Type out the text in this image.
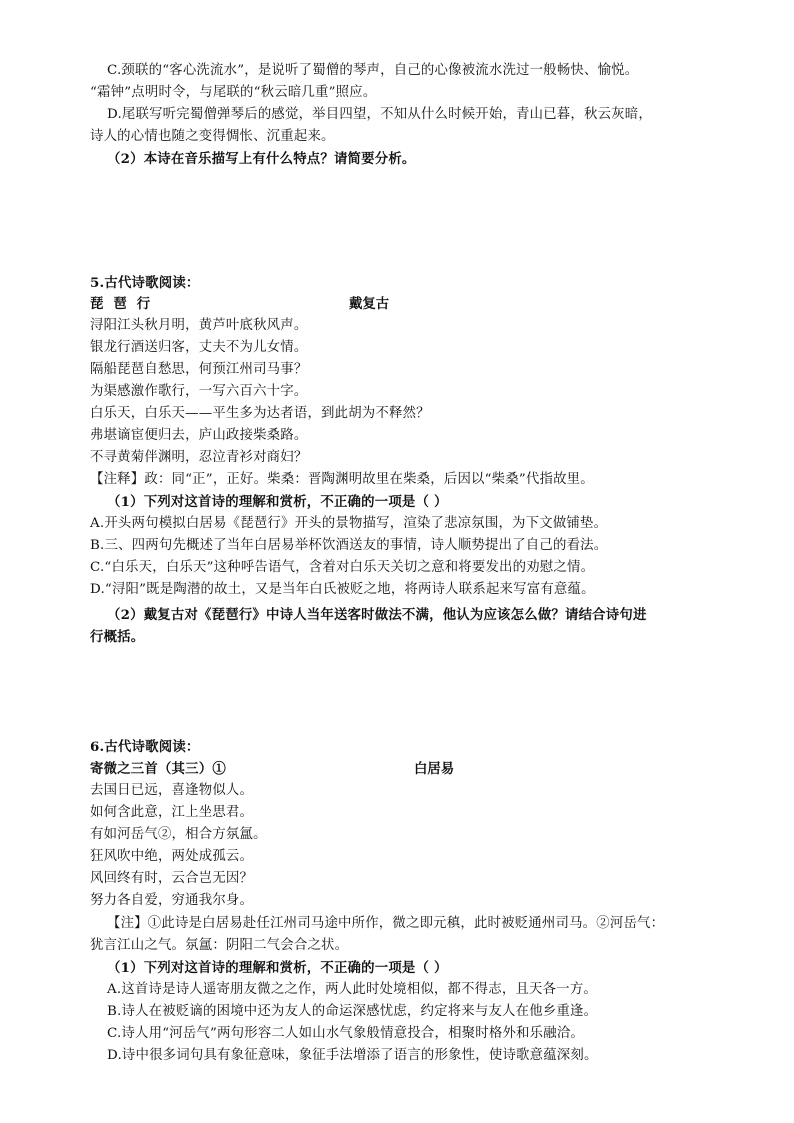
C.颈联的“客心洗流水”，是说听了蜀僧的琴声，自己的心像被流水洗过一般畅快、愉悦。
“霜钟”点明时令，与尾联的“秋云暗几重”照应。
D.尾联写听完蜀僧弹琴后的感觉，举目四望，不知从什么时候开始，青山已暮，秋云灰暗，
诗人的心情也随之变得惆怅、沉重起来。
（2）本诗在音乐描写上有什么特点？请简要分析。
5.古代诗歌阅读：
琵琶行	戴复古
浔阳江头秋月明，黄芦叶底秋风声。
银龙行酒送归客，丈夫不为儿女情。
隔船琵琶自愁思，何预江州司马事？
为渠感激作歌行，一写六百六十字。
白乐天，白乐天——平生多为达者语，到此胡为不释然？
弗堪谪宦便归去，庐山政接柴桑路。
不寻黄菊伴渊明，忍泣青衫对商妇？
【注释】政：同“正”，正好。柴桑：晋陶渊明故里在柴桑，后因以“柴桑”代指故里。
（1）下列对这首诗的理解和赏析，不正确的一项是（ ）
A.开头两句模拟白居易《琵琶行》开头的景物描写，渲染了悲凉氛围，为下文做铺垫。
B.三、四两句先概述了当年白居易举杯饮酒送友的事情，诗人顺势提出了自己的看法。
C.“白乐天，白乐天”这种呼告语气，含着对白乐天关切之意和将要发出的劝慰之情。
D.“浔阳”既是陶潜的故土，又是当年白氏被贬之地，将两诗人联系起来写富有意蕴。
（2）戴复古对《琵琶行》中诗人当年送客时做法不满，他认为应该怎么做？请结合诗句进
行概括。
6.古代诗歌阅读：
寄微之三首（其三）①	白居易
去国日已远，喜逢物似人。
如何含此意，江上坐思君。
有如河岳气②，相合方氛氲。
狂风吹中绝，两处成孤云。
风回终有时，云合岂无因？
努力各自爱，穷通我尔身。
【注】①此诗是白居易赴任江州司马途中所作，微之即元稹，此时被贬通州司马。②河岳气：
犹言江山之气。氛氲：阴阳二气会合之状。
（1）下列对这首诗的理解和赏析，不正确的一项是（ ）
A.这首诗是诗人遥寄朋友微之之作，两人此时处境相似，都不得志，且天各一方。
B.诗人在被贬谪的困境中还为友人的命运深感忧虑，约定将来与友人在他乡重逢。
C.诗人用“河岳气”两句形容二人如山水气象般情意投合，相聚时格外和乐融洽。
D.诗中很多词句具有象征意味，象征手法增添了语言的形象性，使诗歌意蕴深刻。
